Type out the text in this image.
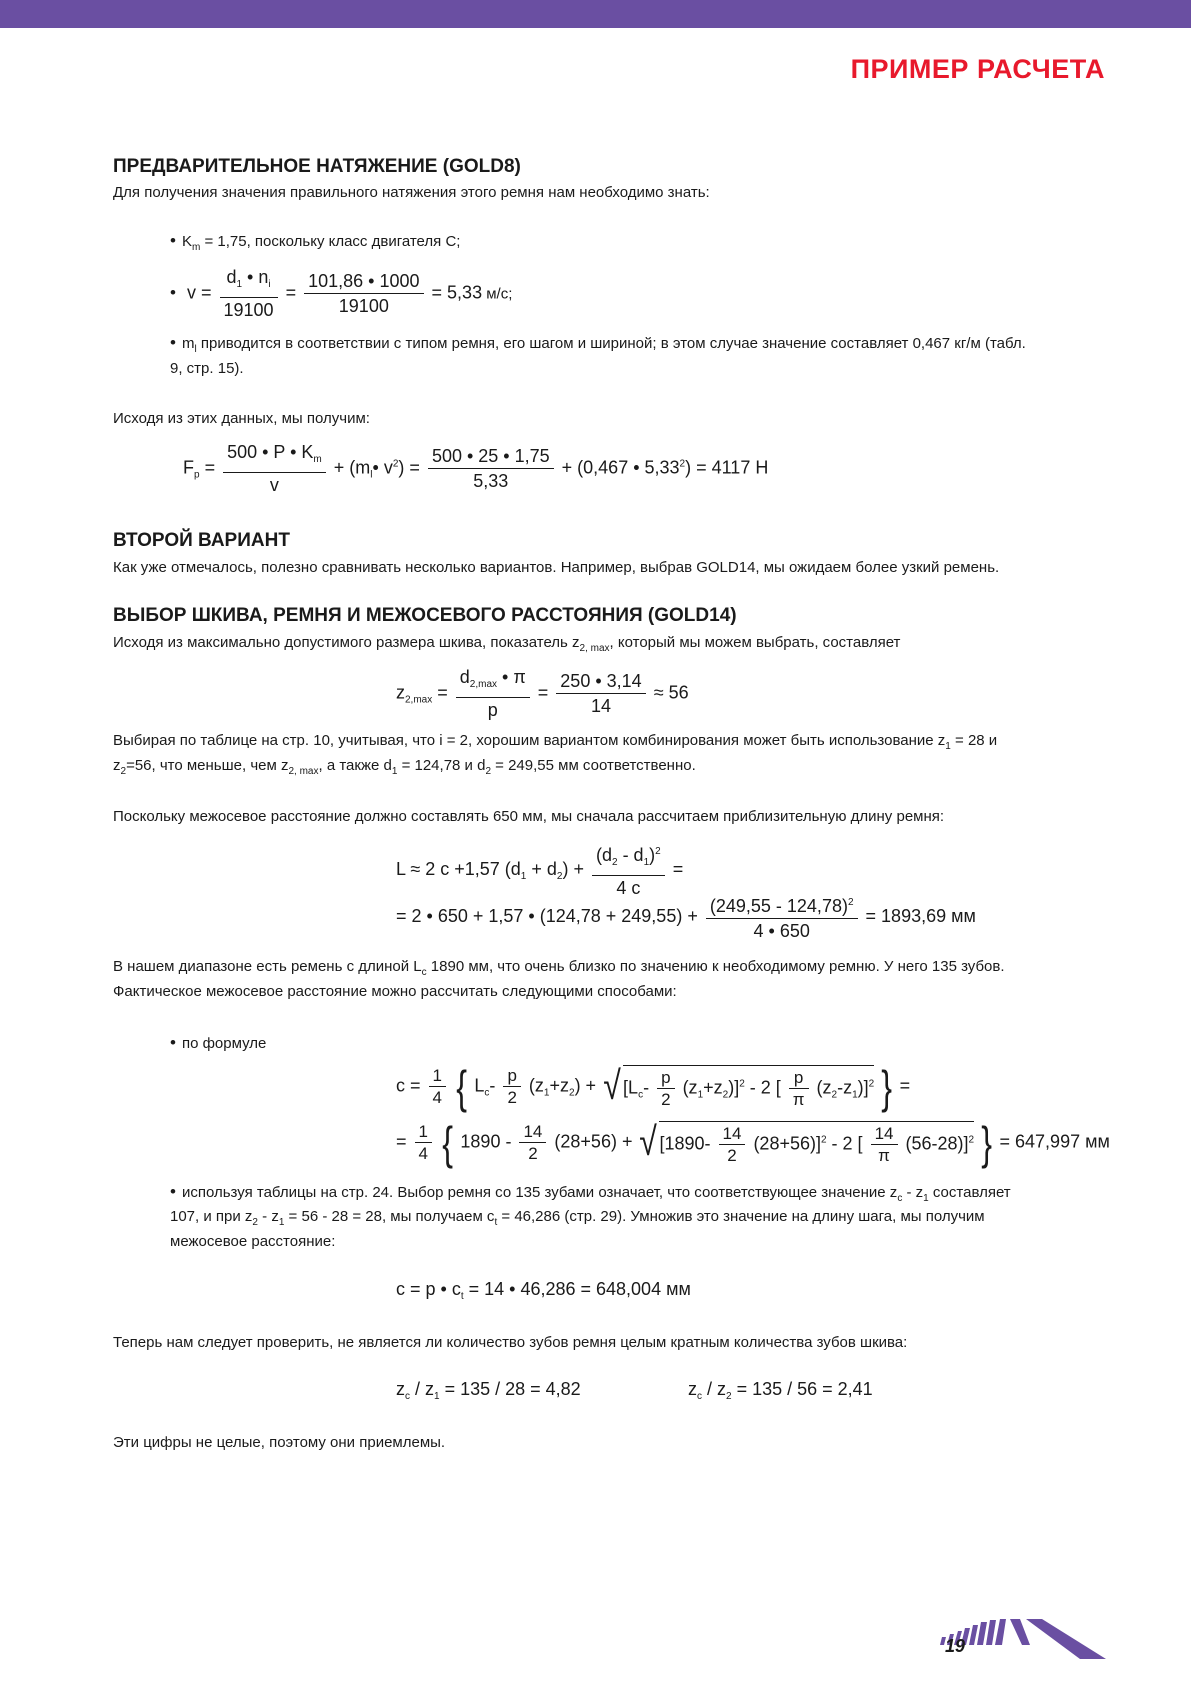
ПРИМЕР РАСЧЕТА
ПРЕДВАРИТЕЛЬНОЕ НАТЯЖЕНИЕ (GOLD8)
Для получения значения правильного натяжения этого ремня нам необходимо знать:
• $K_m = 1,75$, поскольку класс двигателя С;
• $v = \frac{d_1 • n_i}{19100} = \frac{101,86 • 1000}{19100} = 5,33$ м/с;
• $m_l$ приводится в соответствии с типом ремня, его шагом и шириной; в этом случае значение составляет 0,467 кг/м (табл.
9, стр. 15).
Исходя из этих данных, мы получим:
$F_p = \frac{500 • P • K_m}{v}$ + ($m_l•$ $v^2) = \frac{500 • 25 • 1,75}{5,33} + (0,467$ • $5,33^2) = 4117$ Н
ВТОРОЙ ВАРИАНТ
Как уже отмечалось, полезно сравнивать несколько вариантов. Например, выбрав GOLD14, мы ожидаем более узкий ремень.
ВЫБОР ШКИВА, РЕМНЯ И МЕЖОСЕВОГО РАССТОЯНИЯ (GOLD14)
Исходя из максимально допустимого размера шкива, показатель $z_{2, max}$, который мы можем выбрать, составляет
$z_{2,max} = \frac{d_{2,max} • \pi}{p} = \frac{250 • 3,14}{14} \approx 56$
Выбирая по таблице на стр. 10, учитывая, что i = 2, хорошим вариантом комбинирования может быть использование $z_1 = 28$ и
$z_2=56$, что меньше, чем $z_{2, max}$, а также $d_1 = 124,78$ и $d_2 = 249,55$ мм соответственно.
Поскольку межосевое расстояние должно составлять 650 мм, мы сначала рассчитаем приблизительную длину ремня:
L ≈ 2 c +1,57 $(d_1 + d_2) + \frac{(d_2 - d_1)^2}{4 c}$ =
= 2 • 650 + 1,57 • $(124,78 + 249,55) + \frac{(249,55 - 124,78)^2}{4 • 650} = 1893,69$ мм
В нашем диапазоне есть ремень с длиной $L_c$ 1890 мм, что очень близко по значению к необходимому ремню. У него 135 зубов.
Фактическое межосевое расстояние можно рассчитать следующими способами:
• по формуле
$c = \frac{1}{4}$ { $L_c- \frac{p}{2} (z_1+z_2)$ + √ $[L_c- \frac{p}{2} (z_1+z_2)]^2 - 2$ [ $\frac{p}{\pi} (z_2-z_1)]^2$ } =
= $\frac{1}{4}$ { $1890 - \frac{14}{2} (28+56)$ + √ $[1890- \frac{14}{2} (28+56)]^2 - 2$ [ $\frac{14}{\pi} (56-28)]^2$ } = 647,997 мм
• используя таблицы на стр. 24. Выбор ремня со 135 зубами означает, что соответствующее значение $z_c - z_1$ составляет
107, и при $z_2 - z_1 = 56 - 28 = 28$, мы получаем $c_t = 46,286$ (стр. 29). Умножив это значение на длину шага, мы получим
межосевое расстояние:
c = p • $c_t = 14$ • 46,286 = 648,004 мм
Теперь нам следует проверить, не является ли количество зубов ремня целым кратным количества зубов шкива:
$z_c / z_1 = 135 / 28 = 4,82$	$z_c / z_2 = 135 / 56 = 2,41$
Эти цифры не целые, поэтому они приемлемы.
19
